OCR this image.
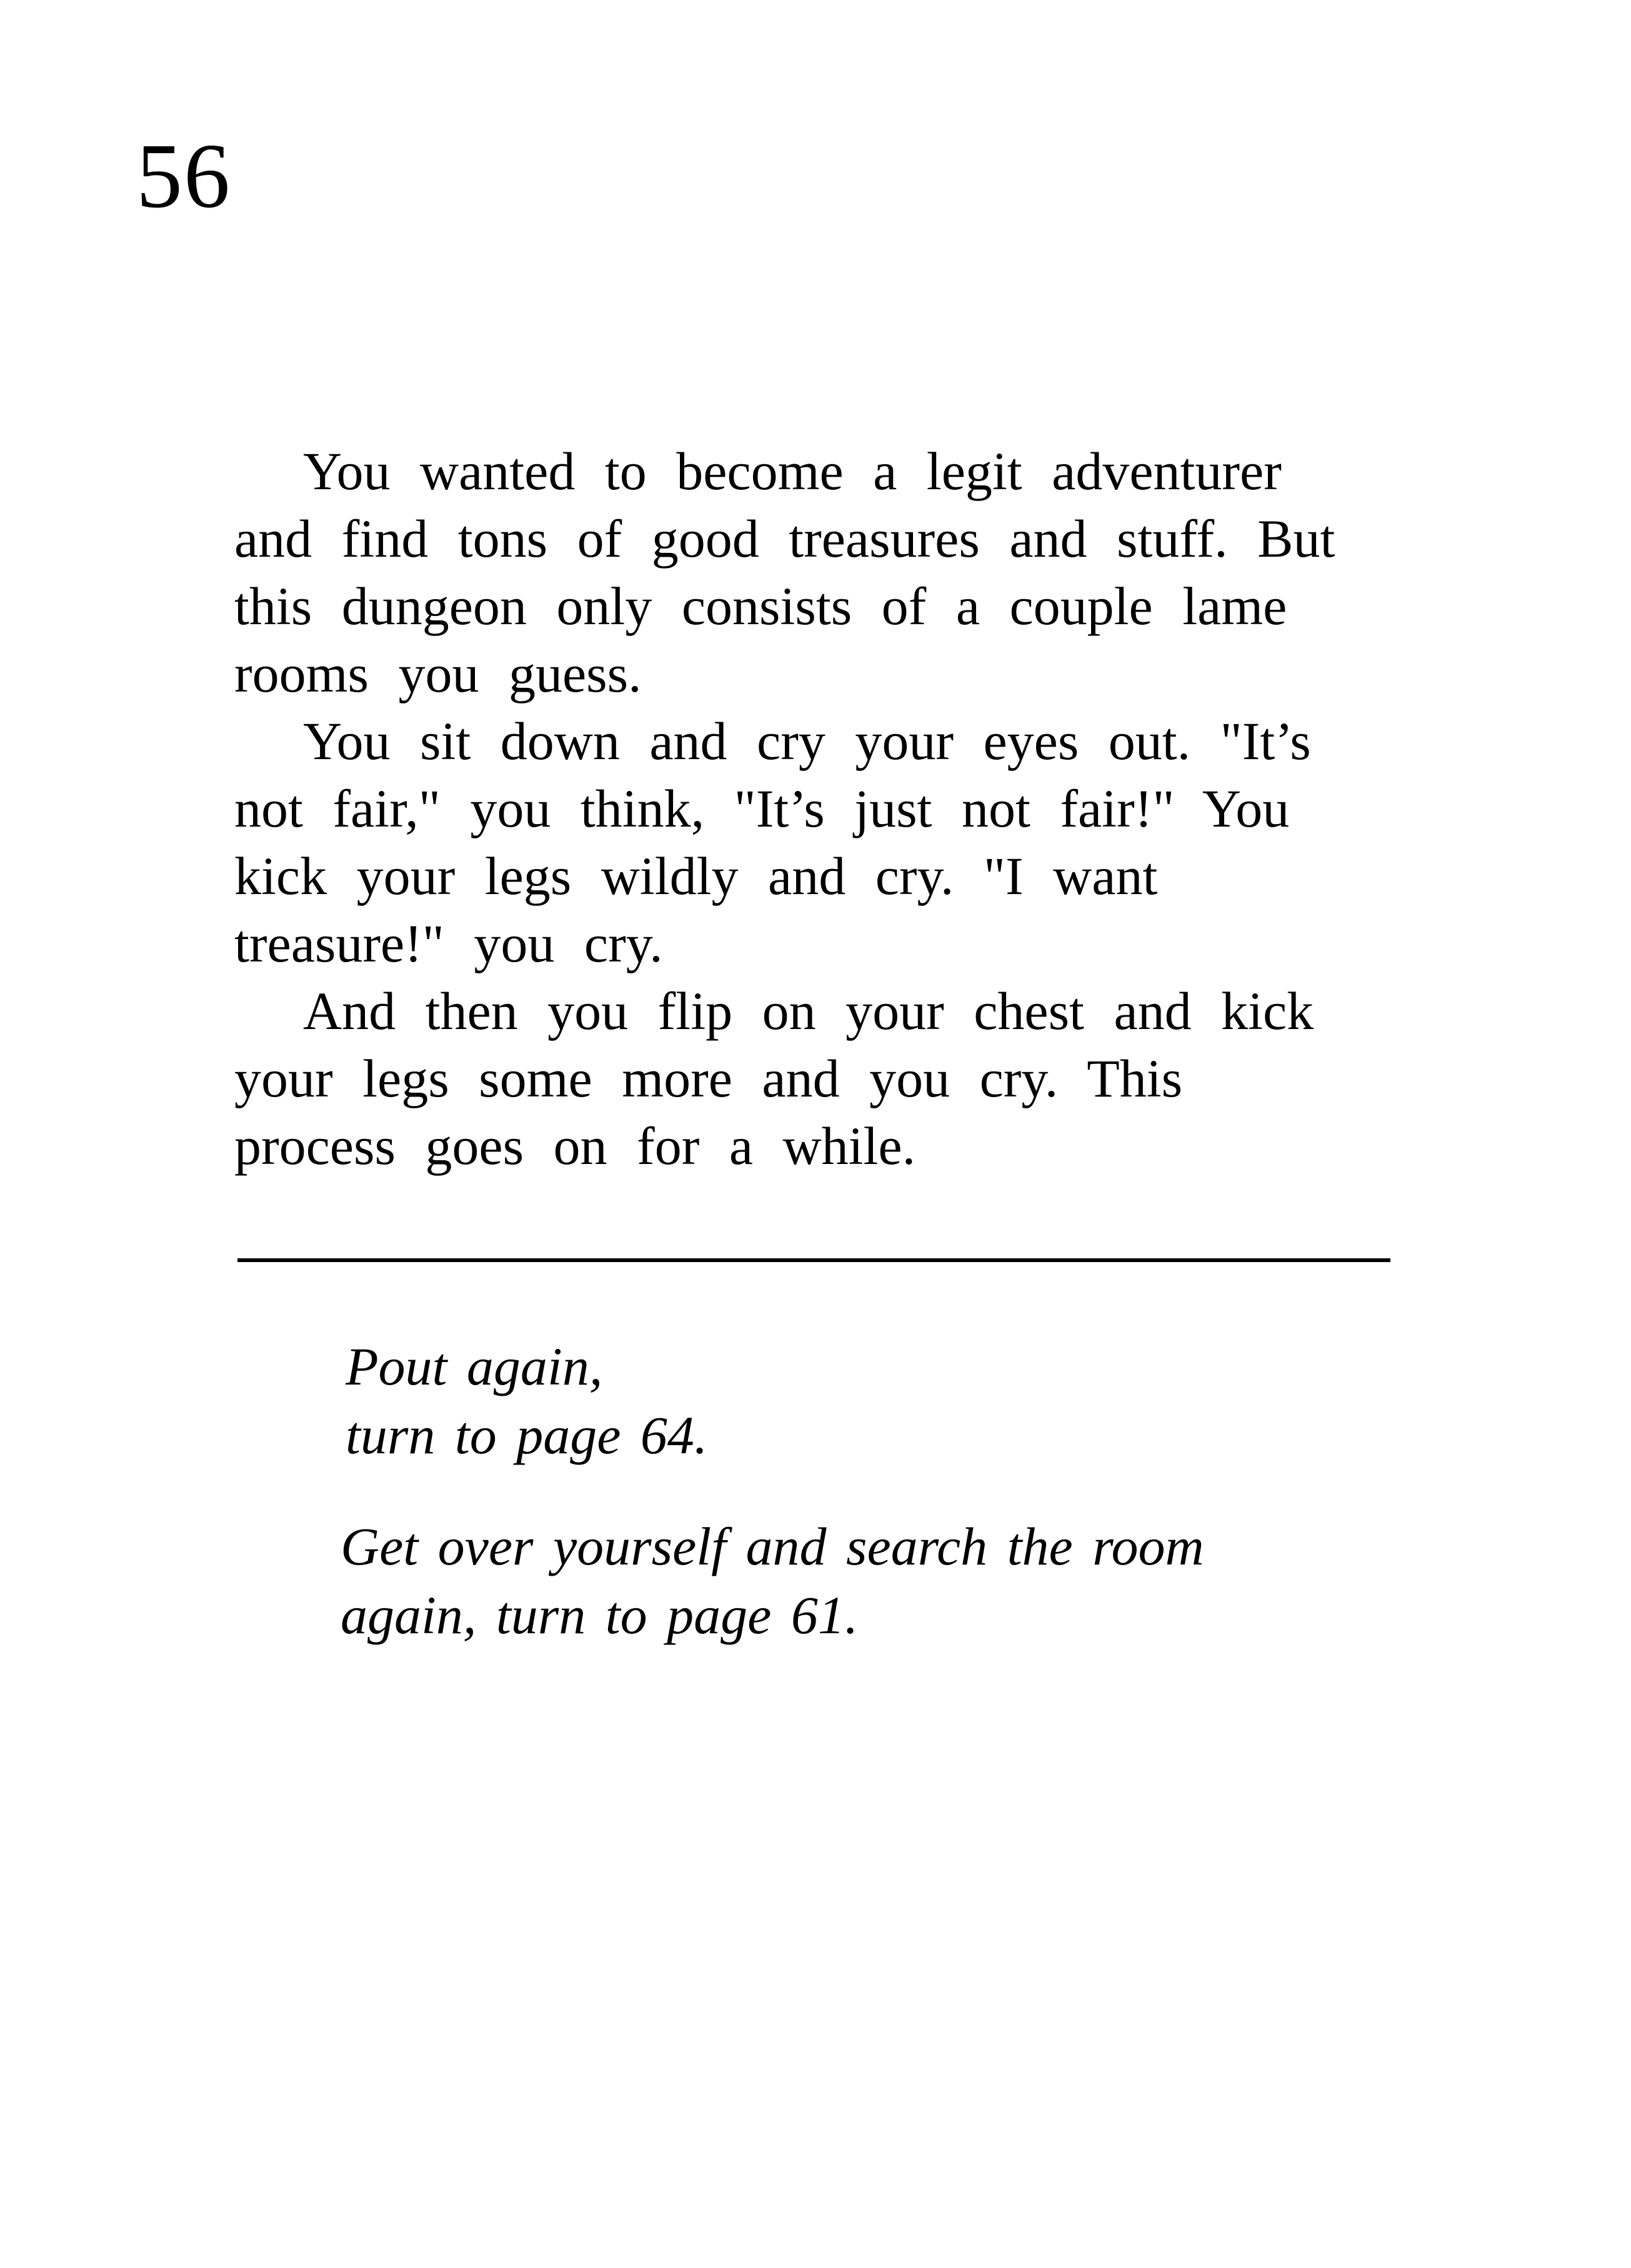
56
You wanted to become a legit adventurer
and find tons of good treasures and stuff. But
this dungeon only consists of a couple lame
rooms you guess.
You sit down and cry your eyes out. "It’s
not fair," you think, "It’s just not fair!" You
kick your legs wildly and cry. "I want
treasure!" you cry.
And then you flip on your chest and kick
your legs some more and you cry. This
process goes on for a while.
Pout again,
turn to page 64.
Get over yourself and search the room
again, turn to page 61.
